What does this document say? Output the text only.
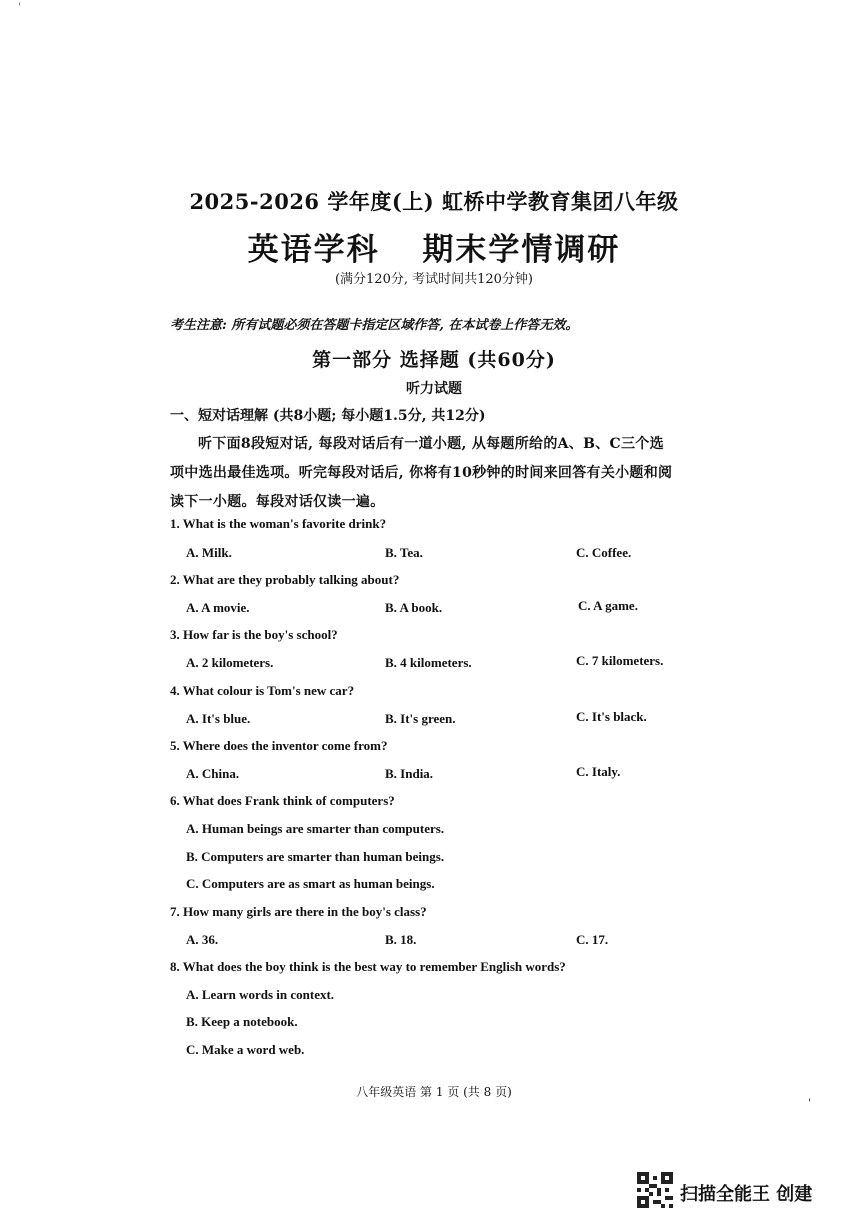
'
2025-2026 学年度(上) 虹桥中学教育集团八年级
英语学科 期末学情调研
(满分120分, 考试时间共120分钟)
考生注意: 所有试题必须在答题卡指定区域作答, 在本试卷上作答无效。
第一部分 选择题 (共60分)
听力试题
一、短对话理解 (共8小题; 每小题1.5分, 共12分)
听下面8段短对话, 每段对话后有一道小题, 从每题所给的A、B、C三个选项中选出最佳选项。听完每段对话后, 你将有10秒钟的时间来回答有关小题和阅读下一小题。每段对话仅读一遍。
1. What is the woman's favorite drink?
A. Milk.	B. Tea.	C. Coffee.
2. What are they probably talking about?
A. A movie.	B. A book.	C. A game.
3. How far is the boy's school?
A. 2 kilometers.	B. 4 kilometers.	C. 7 kilometers.
4. What colour is Tom's new car?
A. It's blue.	B. It's green.	C. It's black.
5. Where does the inventor come from?
A. China.	B. India.	C. Italy.
6. What does Frank think of computers?
A. Human beings are smarter than computers.
B. Computers are smarter than human beings.
C. Computers are as smart as human beings.
7. How many girls are there in the boy's class?
A. 36.	B. 18.	C. 17.
8. What does the boy think is the best way to remember English words?
A. Learn words in context.
B. Keep a notebook.
C. Make a word web.
八年级英语 第 1 页 (共 8 页)
'
扫描全能王 创建
